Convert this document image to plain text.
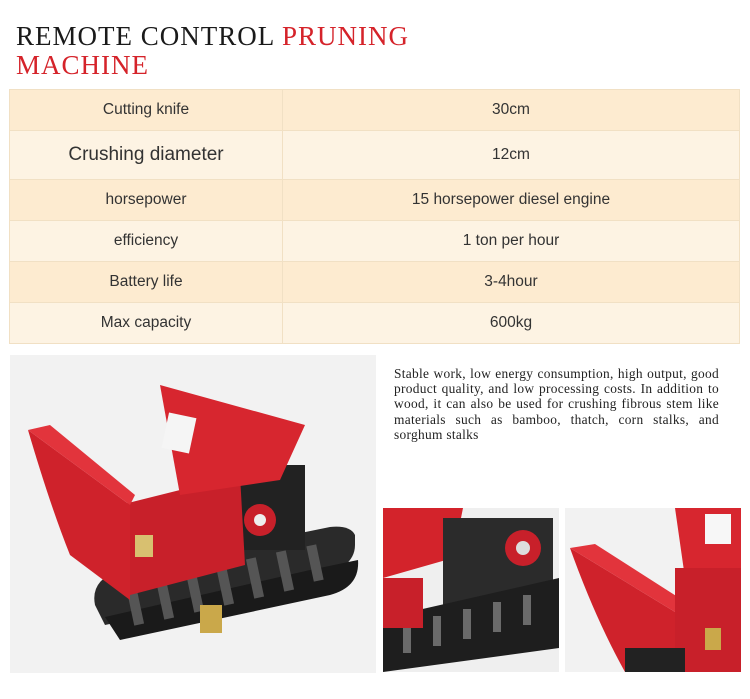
REMOTE CONTROL PRUNING
MACHINE
Cutting knife	30cm
Crushing diameter	12cm
horsepower	15 horsepower diesel engine
efficiency	1 ton per hour
Battery life	3-4hour
Max capacity	600kg
Stable work, low energy consumption, high output, good product quality, and low processing costs. In addition to wood, it can also be used for crushing fibrous stem like materials such as bamboo, thatch, corn stalks, and sorghum stalks
